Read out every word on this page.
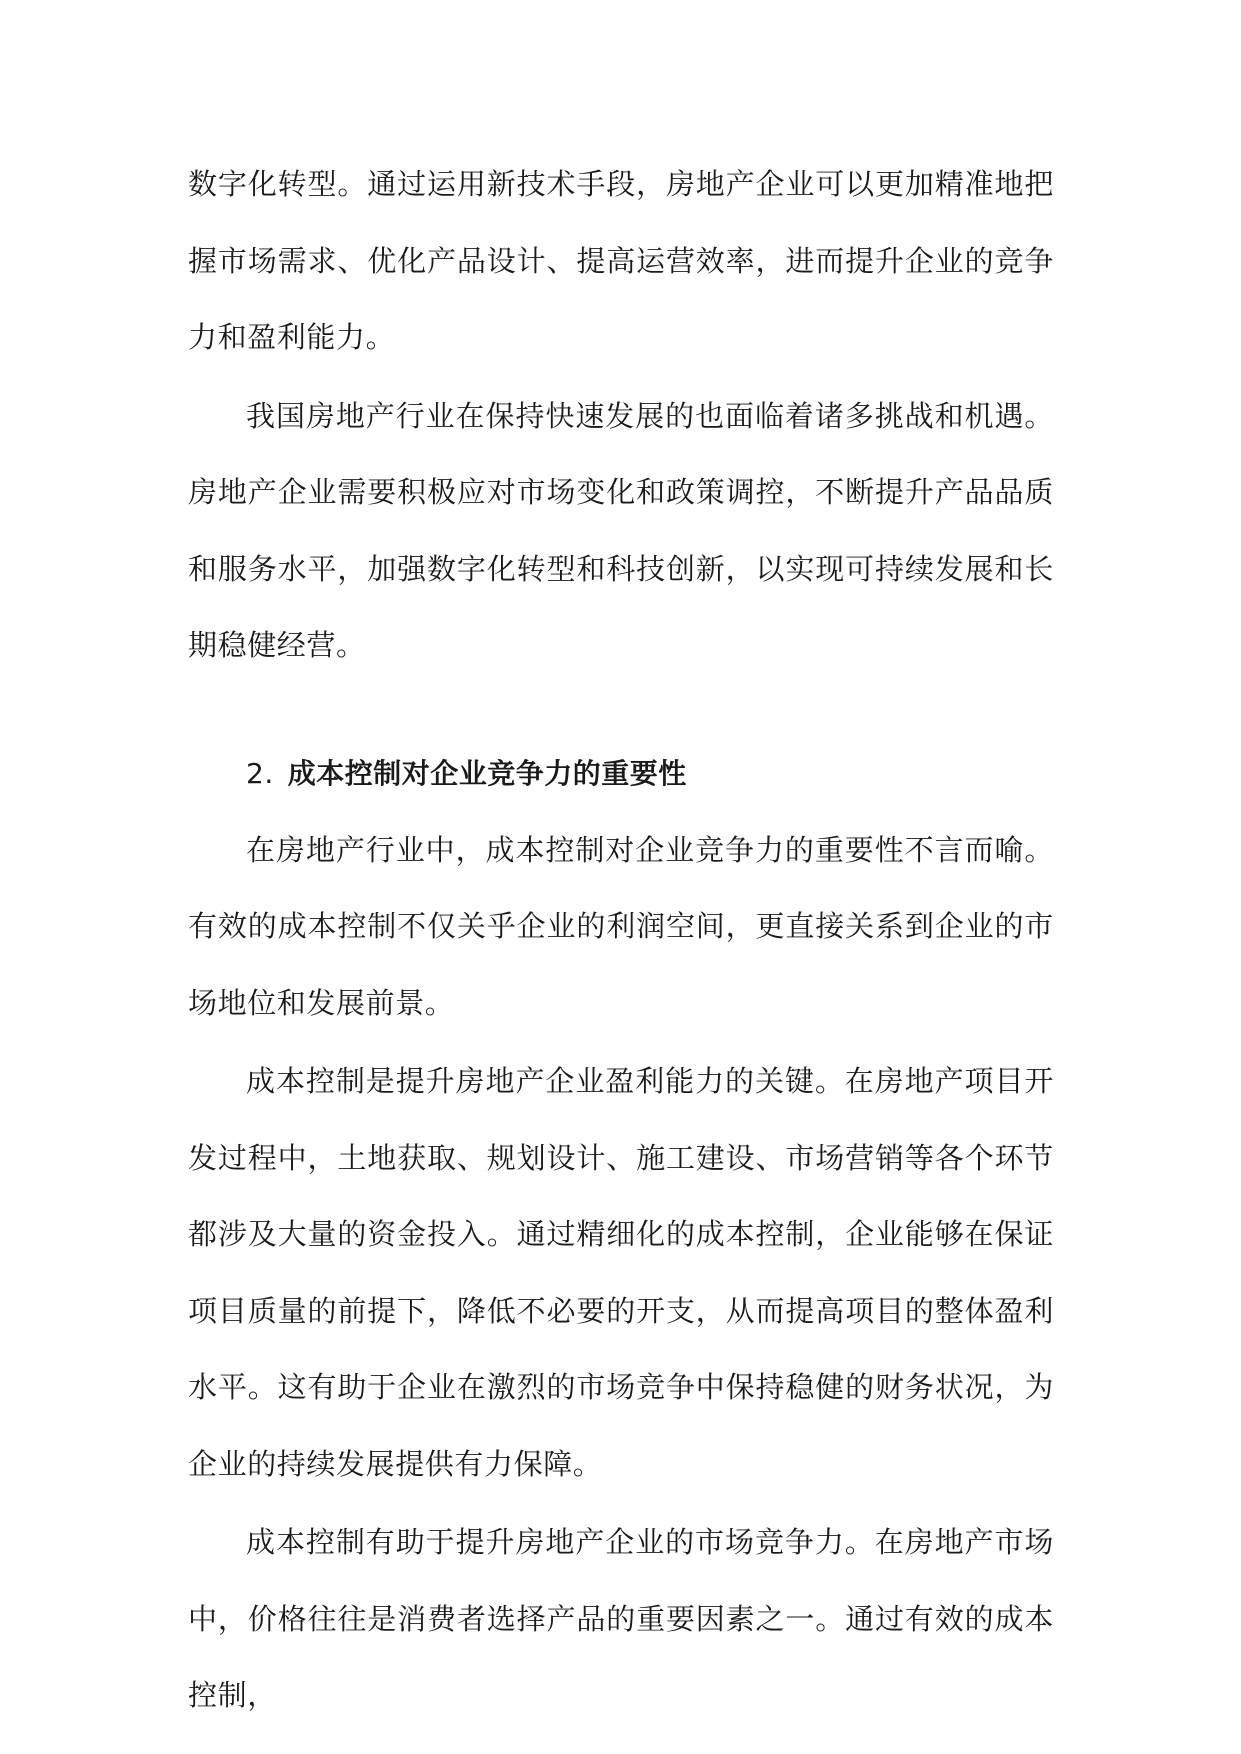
数字化转型。通过运用新技术手段，房地产企业可以更加精准地把握市场需求、优化产品设计、提高运营效率，进而提升企业的竞争力和盈利能力。

我国房地产行业在保持快速发展的也面临着诸多挑战和机遇。房地产企业需要积极应对市场变化和政策调控，不断提升产品品质和服务水平，加强数字化转型和科技创新，以实现可持续发展和长期稳健经营。

2. 成本控制对企业竞争力的重要性

在房地产行业中，成本控制对企业竞争力的重要性不言而喻。有效的成本控制不仅关乎企业的利润空间，更直接关系到企业的市场地位和发展前景。

成本控制是提升房地产企业盈利能力的关键。在房地产项目开发过程中，土地获取、规划设计、施工建设、市场营销等各个环节都涉及大量的资金投入。通过精细化的成本控制，企业能够在保证项目质量的前提下，降低不必要的开支，从而提高项目的整体盈利水平。这有助于企业在激烈的市场竞争中保持稳健的财务状况，为企业的持续发展提供有力保障。

成本控制有助于提升房地产企业的市场竞争力。在房地产市场中，价格往往是消费者选择产品的重要因素之一。通过有效的成本控制，
